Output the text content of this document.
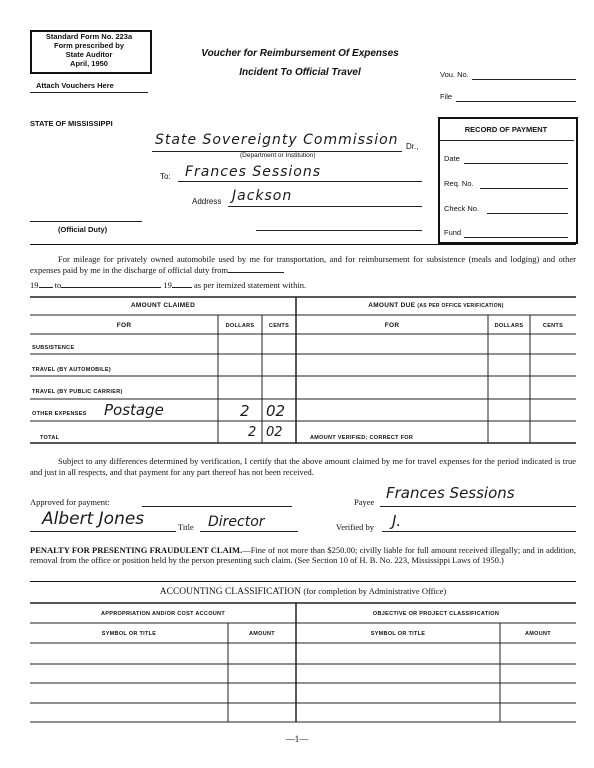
Standard Form No. 223a
Form prescribed by
State Auditor
April, 1950
Attach Vouchers Here
Voucher for Reimbursement Of Expenses
Incident To Official Travel	Vou. No.
File
STATE OF MISSISSIPPI
State Sovereignty Commission Dr.,
(Department or Institution)
To: Frances Sessions
Address Jackson
(Official Duty)
RECORD OF PAYMENT
Date
Req. No.
Check No.
Fund
For mileage for privately owned automobile used by me for transportation, and for reimbursement for subsistence (meals and lodging) and other expenses paid by me in the discharge of official duty from
19 to	19	as per itemized statement within.
AMOUNT CLAIMED	AMOUNT DUE (AS PER OFFICE VERIFICATION)
FOR	DOLLARS	CENTS	FOR	DOLLARS	CENTS
SUBSISTENCE
TRAVEL (BY AUTOMOBILE)
TRAVEL (BY PUBLIC CARRIER)
OTHER EXPENSES Postage	2 02
TOTAL	2 02	AMOUNT VERIFIED; CORRECT FOR
Subject to any differences determined by verification, I certify that the above amount claimed by me for travel expenses for the period indicated is true and just in all respects, and that payment for any part thereof has not been received.
Approved for payment:	Payee Frances Sessions
Albert Jones	Title Director	Verified by J.
PENALTY FOR PRESENTING FRAUDULENT CLAIM.—Fine of not more than $250.00; civilly liable for full amount received illegally; and in addition, removal from the office or position held by the person presenting such claim. (See Section 10 of H. B. No. 223, Mississippi Laws of 1950.)
ACCOUNTING CLASSIFICATION (for completion by Administrative Office)
APPROPRIATION AND/OR COST ACCOUNT	OBJECTIVE OR PROJECT CLASSIFICATION
SYMBOL OR TITLE	AMOUNT	SYMBOL OR TITLE	AMOUNT
—1—
